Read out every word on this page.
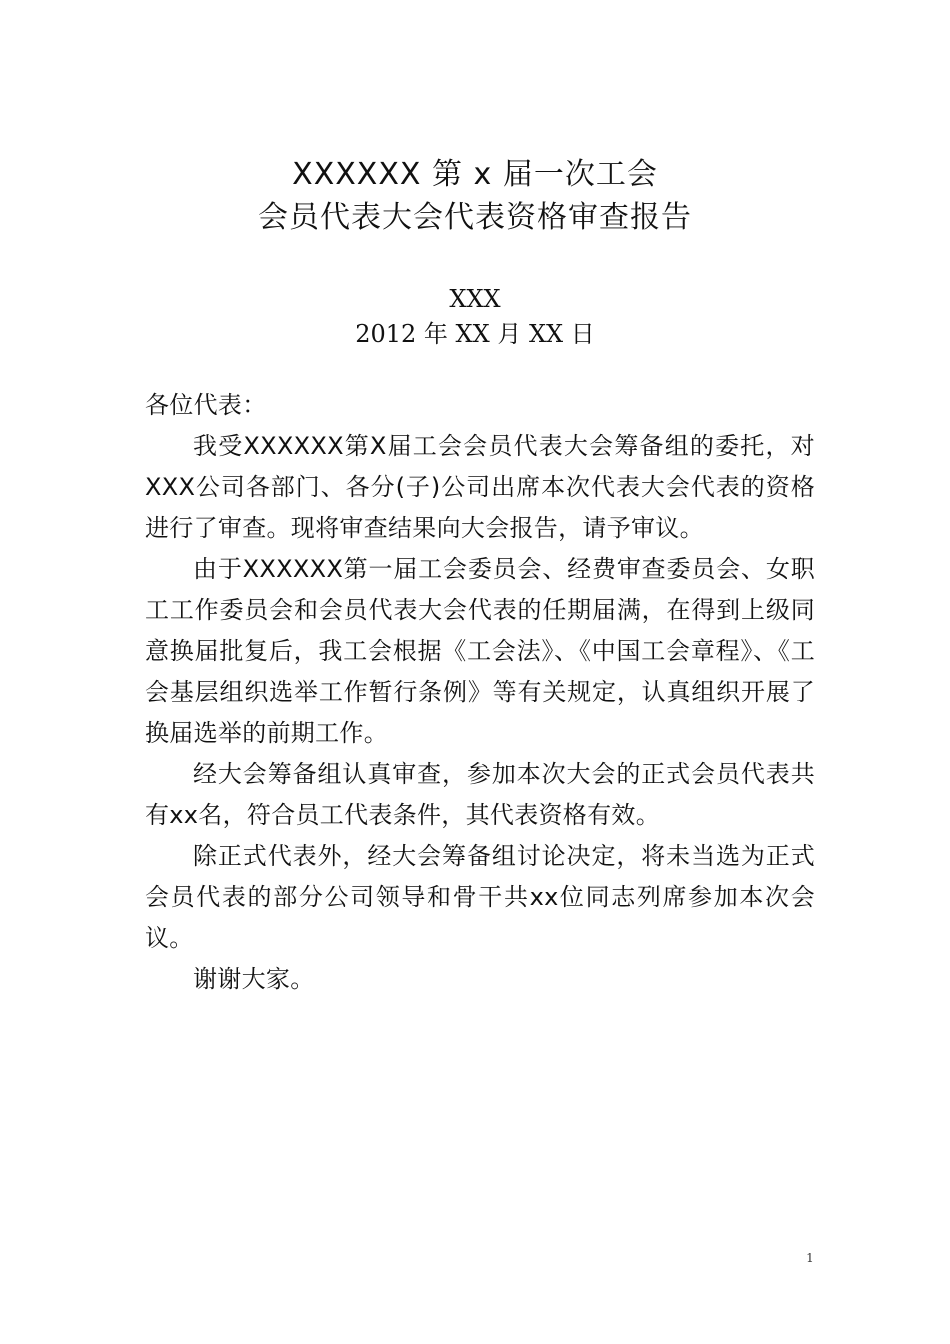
XXXXXX 第 x 届一次工会
会员代表大会代表资格审查报告
XXX
2012 年 XX 月 XX 日

各位代表：

我受XXXXXX第Ⅹ届工会会员代表大会筹备组的委托，对XXX公司各部门、各分(子)公司出席本次代表大会代表的资格进行了审查。现将审查结果向大会报告，请予审议。

由于XXXXXX第一届工会委员会、经费审查委员会、女职工工作委员会和会员代表大会代表的任期届满，在得到上级同意换届批复后，我工会根据《工会法》、《中国工会章程》、《工会基层组织选举工作暂行条例》等有关规定，认真组织开展了换届选举的前期工作。

经大会筹备组认真审查，参加本次大会的正式会员代表共有xx名，符合员工代表条件，其代表资格有效。

除正式代表外，经大会筹备组讨论决定，将未当选为正式会员代表的部分公司领导和骨干共xx位同志列席参加本次会议。

谢谢大家。

1
